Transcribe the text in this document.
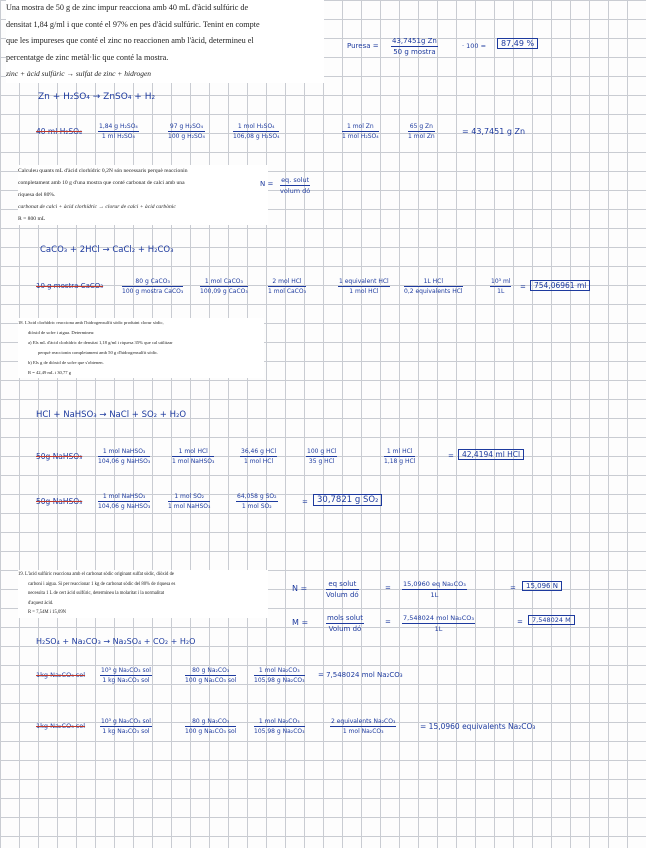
Una mostra de 50 g de zinc impur reacciona amb 40 mL d'àcid sulfúric de
densitat 1,84 g/ml i que conté el 97% en pes d'àcid sulfúric. Tenint en compte
que les impureses que conté el zinc no reaccionen amb l'àcid, determineu el
percentatge de zinc metàl·lic que conté la mostra.
zinc + àcid sulfúric → sulfat de zinc + hidrogen
Puresa =
43,7451g Zn
50 g mostra
· 100 =	87,49 %
Zn + H₂SO₄ → ZnSO₄ + H₂
40 ml H₂SO₄	$\frac{\text{1,84 g H₂SO₄}}{\text{1 ml H₂SO₄}}$	$\frac{\text{97 g H₂SO₄}}{\text{100 g H₂SO₄}}$	1 mol H₂SO₄
106,08 g H₂SO₄
1 mol Zn
1 mol H₂SO₄
65 g Zn
1 mol Zn
= 43,7451 g Zn
Calculeu quants mL d'àcid clorhídric 0,2N són necessaris perquè reaccionin
completament amb 10 g d'una mostra que conté carbonat de calci amb una
riquesa del 80%.
carbonat de calci + àcid clorhídric → clorur de calci + àcid carbònic
R = 800 mL
N = eq. solut
volum dó
CaCO₃ + 2HCl → CaCl₂ + H₂CO₃
10 g mostra CaCO₃
80 g CaCO₃
100 g mostra CaCO₃
1 mol CaCO₃
100,09 g CaCO₃
2 mol HCl
1 mol CaCO₃
1 equivalent HCl
1 mol HCl
1L HCl
0,2 equivalents HCl	$\frac{\text{10³ ml}}{1L}$ =	754,06961 ml
18. L'àcid clorhídric reacciona amb l'hidrogensulfit sòdic produint clorur sòdic,
diòxid de sofre i aigua. Determineu:
a) Els mL d'àcid clorhídric de densitat 1,18 g/ml i riquesa 35% que cal utilitzar
perquè reaccionin completament amb 50 g d'hidrogensulfit sòdic.
b) Els g de diòxid de sofre que s'obtenen.
R = 42,49 mL i 30,77 g
HCl + NaHSO₃ → NaCl + SO₂ + H₂O
50g NaHSO₃
1 mol NaHSO₃
104,06 g NaHSO₃
1 mol HCl
1 mol NaHSO₃
36,46 g HCl
1 mol HCl
100 g HCl
35 g HCl
1 ml HCl
1,18 g HCl
=	42,4194 ml HCl
50g NaHSO₃
1 mol NaHSO₃
104,06 g NaHSO₃
1 mol SO₂
1 mol NaHSO₃
64,058 g SO₂
1 mol SO₂
=	30,7821 g SO₂
19. L'àcid sulfúric reacciona amb el carbonat sòdic originant sulfat sòdic, diòxid de
carboni i aigua. Si per reaccionar 1 kg de carbonat sòdic del 80% de riquesa es
necessita 1 L de cert àcid sulfúric, determineu la molaritat i la normalitat
d'aquest àcid.
R = 7,54M i 15,09N
N =	eq solut
Volum dó
= $\frac{\text{15,0960 eq Na₂CO₃}}{1L}$	=	15,096 N
M =	mols solut
Volum dó
= 7,548024 mol Na₂CO₃
1L
=	7,548024 M
H₂SO₄ + Na₂CO₃ → Na₂SO₄ + CO₂ + H₂O
1kg Na₂CO₃ sol
10³ g Na₂CO₃ sol
1 kg Na₂CO₃ sol
80 g Na₂CO₃
100 g Na₂CO₃ sol
1 mol Na₂CO₃
105,98 g Na₂CO₃
= 7,548024 mol Na₂CO₃
1kg Na₂CO₃ sol
10³ g Na₂CO₃ sol
1 kg Na₂CO₃ sol
80 g Na₂CO₃
100 g Na₂CO₃ sol
1 mol Na₂CO₃
105,98 g Na₂CO₃
2 equivalents Na₂CO₃
1 mol Na₂CO₃
= 15,0960 equivalents Na₂CO₃
